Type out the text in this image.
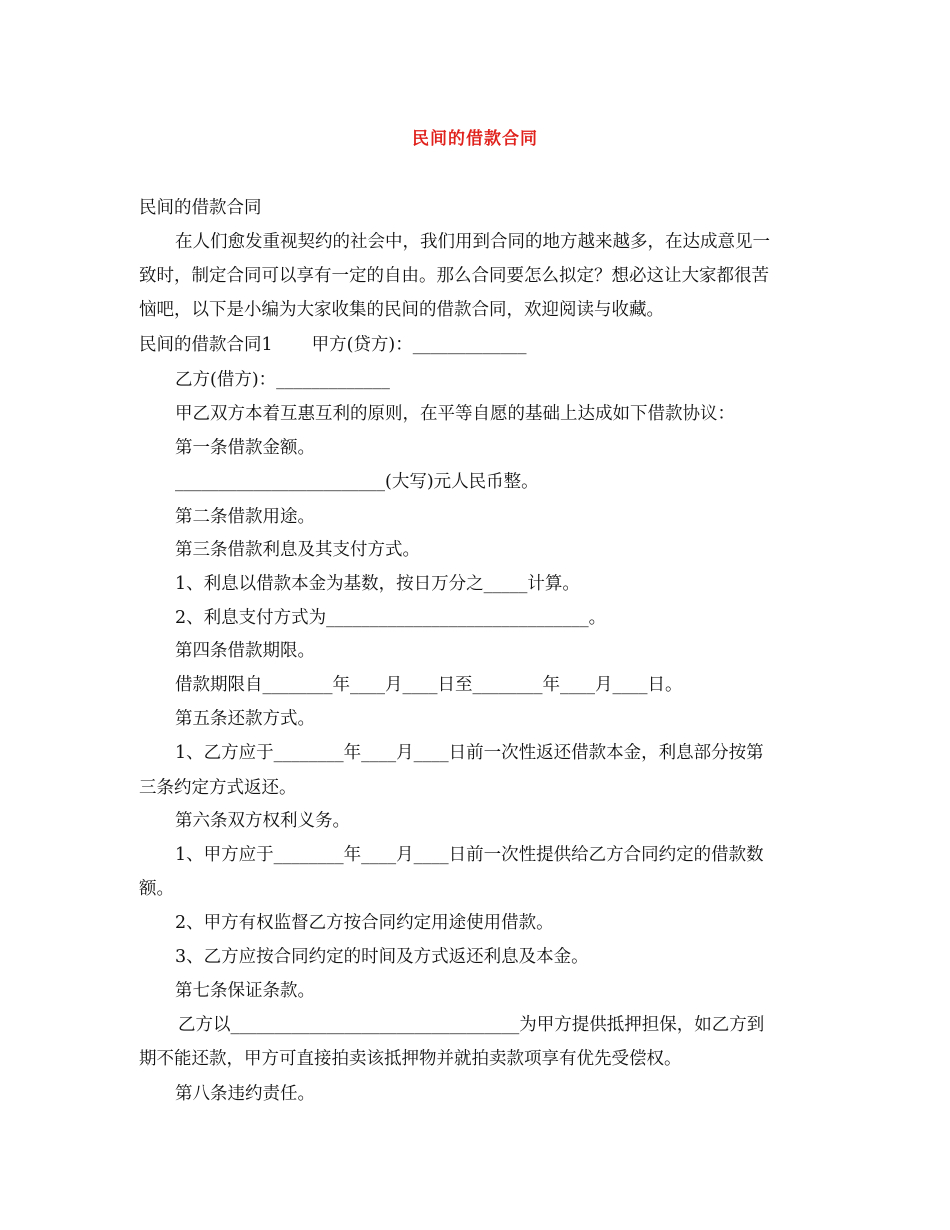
民间的借款合同
民间的借款合同
在人们愈发重视契约的社会中，我们用到合同的地方越来越多，在达成意见一
致时，制定合同可以享有一定的自由。那么合同要怎么拟定？想必这让大家都很苦
恼吧，以下是小编为大家收集的民间的借款合同，欢迎阅读与收藏。
民间的借款合同1       甲方(贷方)：_____________
乙方(借方)：_____________
甲乙双方本着互惠互利的原则，在平等自愿的基础上达成如下借款协议：
第一条借款金额。
________________________(大写)元人民币整。
第二条借款用途。
第三条借款利息及其支付方式。
1、利息以借款本金为基数，按日万分之_____计算。
2、利息支付方式为______________________________。
第四条借款期限。
借款期限自________年____月____日至________年____月____日。
第五条还款方式。
1、乙方应于________年____月____日前一次性返还借款本金，利息部分按第
三条约定方式返还。
第六条双方权利义务。
1、甲方应于________年____月____日前一次性提供给乙方合同约定的借款数
额。
2、甲方有权监督乙方按合同约定用途使用借款。
3、乙方应按合同约定的时间及方式返还利息及本金。
第七条保证条款。
乙方以_________________________________为甲方提供抵押担保，如乙方到
期不能还款，甲方可直接拍卖该抵押物并就拍卖款项享有优先受偿权。
第八条违约责任。
